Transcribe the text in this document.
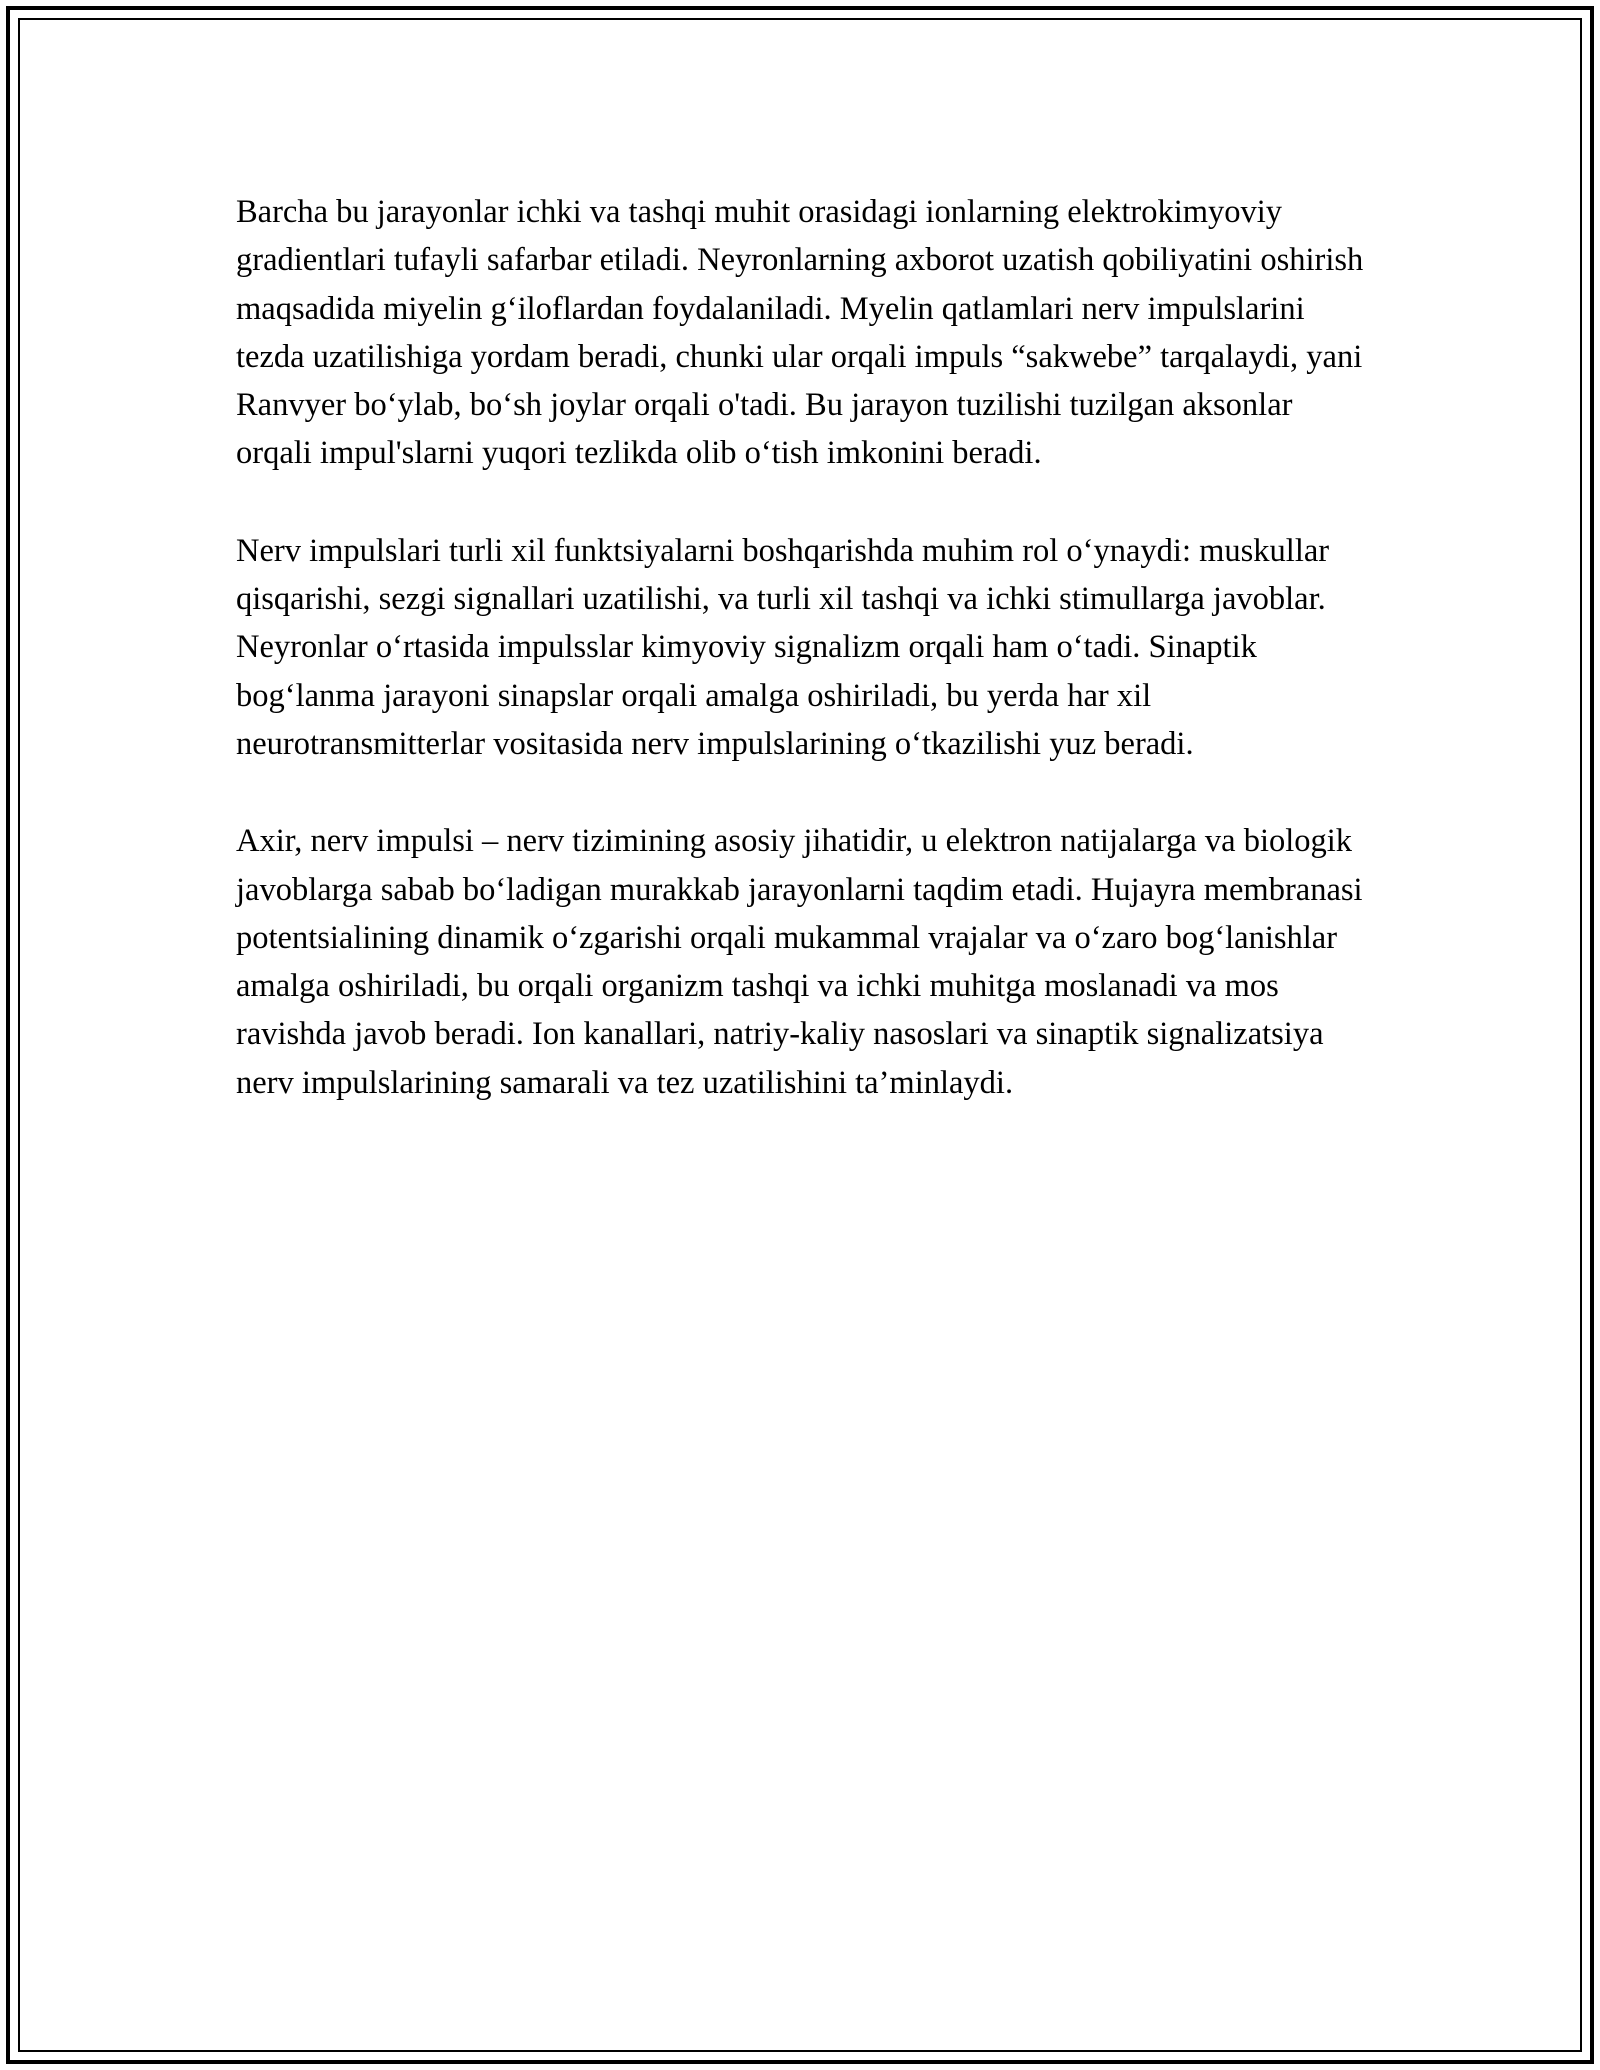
Barcha bu jarayonlar ichki va tashqi muhit orasidagi ionlarning elektrokimyoviy gradientlari tufayli safarbar etiladi. Neyronlarning axborot uzatish qobiliyatini oshirish maqsadida miyelin g‘iloflardan foydalaniladi. Myelin qatlamlari nerv impulslarini tezda uzatilishiga yordam beradi, chunki ular orqali impuls “sakwebe” tarqalaydi, yani Ranvyer bo‘ylab, bo‘sh joylar orqali o'tadi. Bu jarayon tuzilishi tuzilgan aksonlar orqali impul'slarni yuqori tezlikda olib o‘tish imkonini beradi.

Nerv impulslari turli xil funktsiyalarni boshqarishda muhim rol o‘ynaydi: muskullar qisqarishi, sezgi signallari uzatilishi, va turli xil tashqi va ichki stimullarga javoblar. Neyronlar o‘rtasida impulsslar kimyoviy signalizm orqali ham o‘tadi. Sinaptik bog‘lanma jarayoni sinapslar orqali amalga oshiriladi, bu yerda har xil neurotransmitterlar vositasida nerv impulslarining o‘tkazilishi yuz beradi.

Axir, nerv impulsi – nerv tizimining asosiy jihatidir, u elektron natijalarga va biologik javoblarga sabab bo‘ladigan murakkab jarayonlarni taqdim etadi. Hujayra membranasi potentsialining dinamik o‘zgarishi orqali mukammal vrajalar va o‘zaro bog‘lanishlar amalga oshiriladi, bu orqali organizm tashqi va ichki muhitga moslanadi va mos ravishda javob beradi. Ion kanallari, natriy-kaliy nasoslari va sinaptik signalizatsiya nerv impulslarining samarali va tez uzatilishini ta’minlaydi.
